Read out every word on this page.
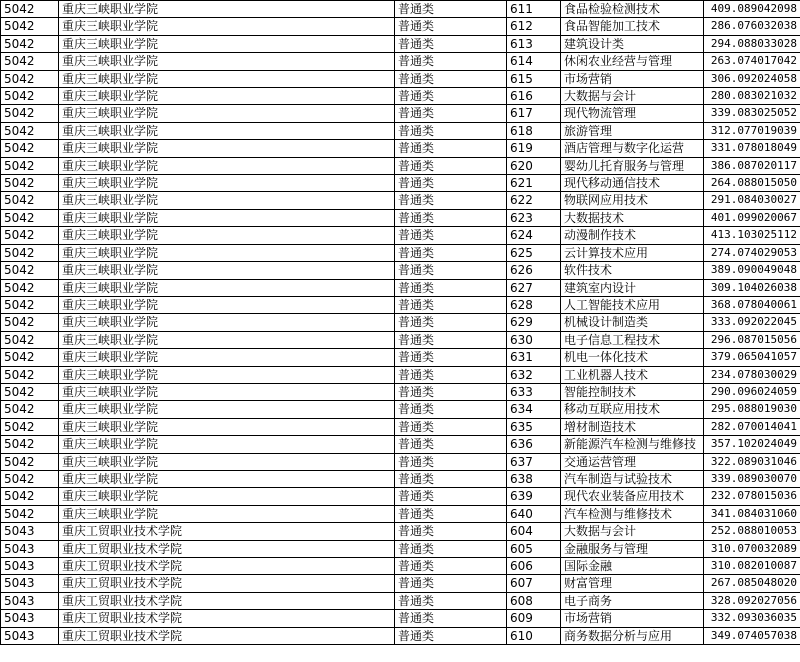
5042	重庆三峡职业学院	普通类	611	食品检验检测技术	409.089042098
5042	重庆三峡职业学院	普通类	612	食品智能加工技术	286.076032038
5042	重庆三峡职业学院	普通类	613	建筑设计类	294.088033028
5042	重庆三峡职业学院	普通类	614	休闲农业经营与管理	263.074017042
5042	重庆三峡职业学院	普通类	615	市场营销	306.092024058
5042	重庆三峡职业学院	普通类	616	大数据与会计	280.083021032
5042	重庆三峡职业学院	普通类	617	现代物流管理	339.083025052
5042	重庆三峡职业学院	普通类	618	旅游管理	312.077019039
5042	重庆三峡职业学院	普通类	619	酒店管理与数字化运营	331.078018049
5042	重庆三峡职业学院	普通类	620	婴幼儿托育服务与管理	386.087020117
5042	重庆三峡职业学院	普通类	621	现代移动通信技术	264.088015050
5042	重庆三峡职业学院	普通类	622	物联网应用技术	291.084030027
5042	重庆三峡职业学院	普通类	623	大数据技术	401.099020067
5042	重庆三峡职业学院	普通类	624	动漫制作技术	413.103025112
5042	重庆三峡职业学院	普通类	625	云计算技术应用	274.074029053
5042	重庆三峡职业学院	普通类	626	软件技术	389.090049048
5042	重庆三峡职业学院	普通类	627	建筑室内设计	309.104026038
5042	重庆三峡职业学院	普通类	628	人工智能技术应用	368.078040061
5042	重庆三峡职业学院	普通类	629	机械设计制造类	333.092022045
5042	重庆三峡职业学院	普通类	630	电子信息工程技术	296.087015056
5042	重庆三峡职业学院	普通类	631	机电一体化技术	379.065041057
5042	重庆三峡职业学院	普通类	632	工业机器人技术	234.078030029
5042	重庆三峡职业学院	普通类	633	智能控制技术	290.096024059
5042	重庆三峡职业学院	普通类	634	移动互联应用技术	295.088019030
5042	重庆三峡职业学院	普通类	635	增材制造技术	282.070014041
5042	重庆三峡职业学院	普通类	636	新能源汽车检测与维修技	357.102024049
5042	重庆三峡职业学院	普通类	637	交通运营管理	322.089031046
5042	重庆三峡职业学院	普通类	638	汽车制造与试验技术	339.089030070
5042	重庆三峡职业学院	普通类	639	现代农业装备应用技术	232.078015036
5042	重庆三峡职业学院	普通类	640	汽车检测与维修技术	341.084031060
5043	重庆工贸职业技术学院	普通类	604	大数据与会计	252.088010053
5043	重庆工贸职业技术学院	普通类	605	金融服务与管理	310.070032089
5043	重庆工贸职业技术学院	普通类	606	国际金融	310.082010087
5043	重庆工贸职业技术学院	普通类	607	财富管理	267.085048020
5043	重庆工贸职业技术学院	普通类	608	电子商务	328.092027056
5043	重庆工贸职业技术学院	普通类	609	市场营销	332.093036035
5043	重庆工贸职业技术学院	普通类	610	商务数据分析与应用	349.074057038
